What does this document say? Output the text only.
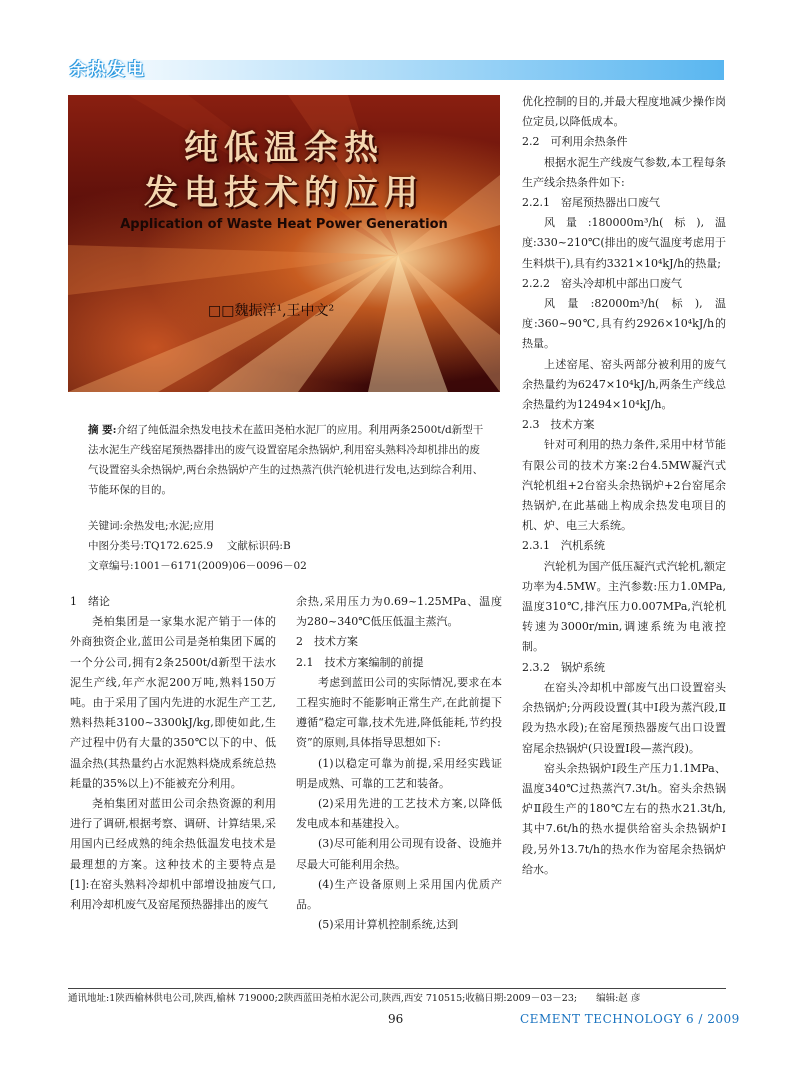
余热发电
纯低温余热
发电技术的应用
Application of Waste Heat Power Generation
□□魏振洋¹,王中文²

摘 要:介绍了纯低温余热发电技术在蓝田尧柏水泥厂的应用。利用两条2500t/d新型干法水泥生产线窑尾预热器排出的废气设置窑尾余热锅炉,利用窑头熟料冷却机排出的废气设置窑头余热锅炉,两台余热锅炉产生的过热蒸汽供汽轮机进行发电,达到综合利用、节能环保的目的。

关键词:余热发电;水泥;应用
中图分类号:TQ172.625.9　 文献标识码:B
文章编号:1001－6171(2009)06－0096－02

1　绪论

尧柏集团是一家集水泥产销于一体的外商独资企业,蓝田公司是尧柏集团下属的一个分公司,拥有2条2500t/d新型干法水泥生产线,年产水泥200万吨,熟料150万吨。由于采用了国内先进的水泥生产工艺,熟料热耗3100~3300kJ/kg,即使如此,生产过程中仍有大量的350℃以下的中、低温余热(其热量约占水泥熟料烧成系统总热耗量的35%以上)不能被充分利用。

尧柏集团对蓝田公司余热资源的利用进行了调研,根据考察、调研、计算结果,采用国内已经成熟的纯余热低温发电技术是最理想的方案。这种技术的主要特点是[1]:在窑头熟料冷却机中部增设抽废气口,利用冷却机废气及窑尾预热器排出的废气

余热,采用压力为0.69~1.25MPa、温度为280~340℃低压低温主蒸汽。

2　技术方案

2.1　技术方案编制的前提

考虑到蓝田公司的实际情况,要求在本工程实施时不能影响正常生产,在此前提下遵循“稳定可靠,技术先进,降低能耗,节约投资”的原则,具体指导思想如下:

(1)以稳定可靠为前提,采用经实践证明是成熟、可靠的工艺和装备。

(2)采用先进的工艺技术方案,以降低发电成本和基建投入。

(3)尽可能利用公司现有设备、设施并尽最大可能利用余热。

(4)生产设备原则上采用国内优质产品。

(5)采用计算机控制系统,达到

优化控制的目的,并最大程度地减少操作岗位定员,以降低成本。

2.2　可利用余热条件

根据水泥生产线废气参数,本工程每条生产线余热条件如下:

2.2.1　窑尾预热器出口废气

风量:180000m³/h(标),温度:330~210℃(排出的废气温度考虑用于生料烘干),具有约3321×10⁴kJ/h的热量;

2.2.2　窑头冷却机中部出口废气

风量:82000m³/h(标),温度:360~90℃,具有约2926×10⁴kJ/h的热量。

上述窑尾、窑头两部分被利用的废气余热量约为6247×10⁴kJ/h,两条生产线总余热量约为12494×10⁴kJ/h。

2.3　技术方案

针对可利用的热力条件,采用中材节能有限公司的技术方案:2台4.5MW凝汽式汽轮机组+2台窑头余热锅炉+2台窑尾余热锅炉,在此基础上构成余热发电项目的机、炉、电三大系统。

2.3.1　汽机系统

汽轮机为国产低压凝汽式汽轮机,额定功率为4.5MW。主汽参数:压力1.0MPa,温度310℃,排汽压力0.007MPa,汽轮机转速为3000r/min,调速系统为电液控制。

2.3.2　锅炉系统

在窑头冷却机中部废气出口设置窑头余热锅炉;分两段设置(其中Ⅰ段为蒸汽段,Ⅱ段为热水段);在窑尾预热器废气出口设置窑尾余热锅炉(只设置Ⅰ段—蒸汽段)。

窑头余热锅炉Ⅰ段生产压力1.1MPa、温度340℃过热蒸汽7.3t/h。窑头余热锅炉Ⅱ段生产的180℃左右的热水21.3t/h,其中7.6t/h的热水提供给窑头余热锅炉Ⅰ段,另外13.7t/h的热水作为窑尾余热锅炉给水。

通讯地址:1陕西榆林供电公司,陕西,榆林 719000;2陕西蓝田尧柏水泥公司,陕西,西安 710515;收稿日期:2009－03－23;　　编辑:赵 彦
96	CEMENT TECHNOLOGY 6 / 2009
